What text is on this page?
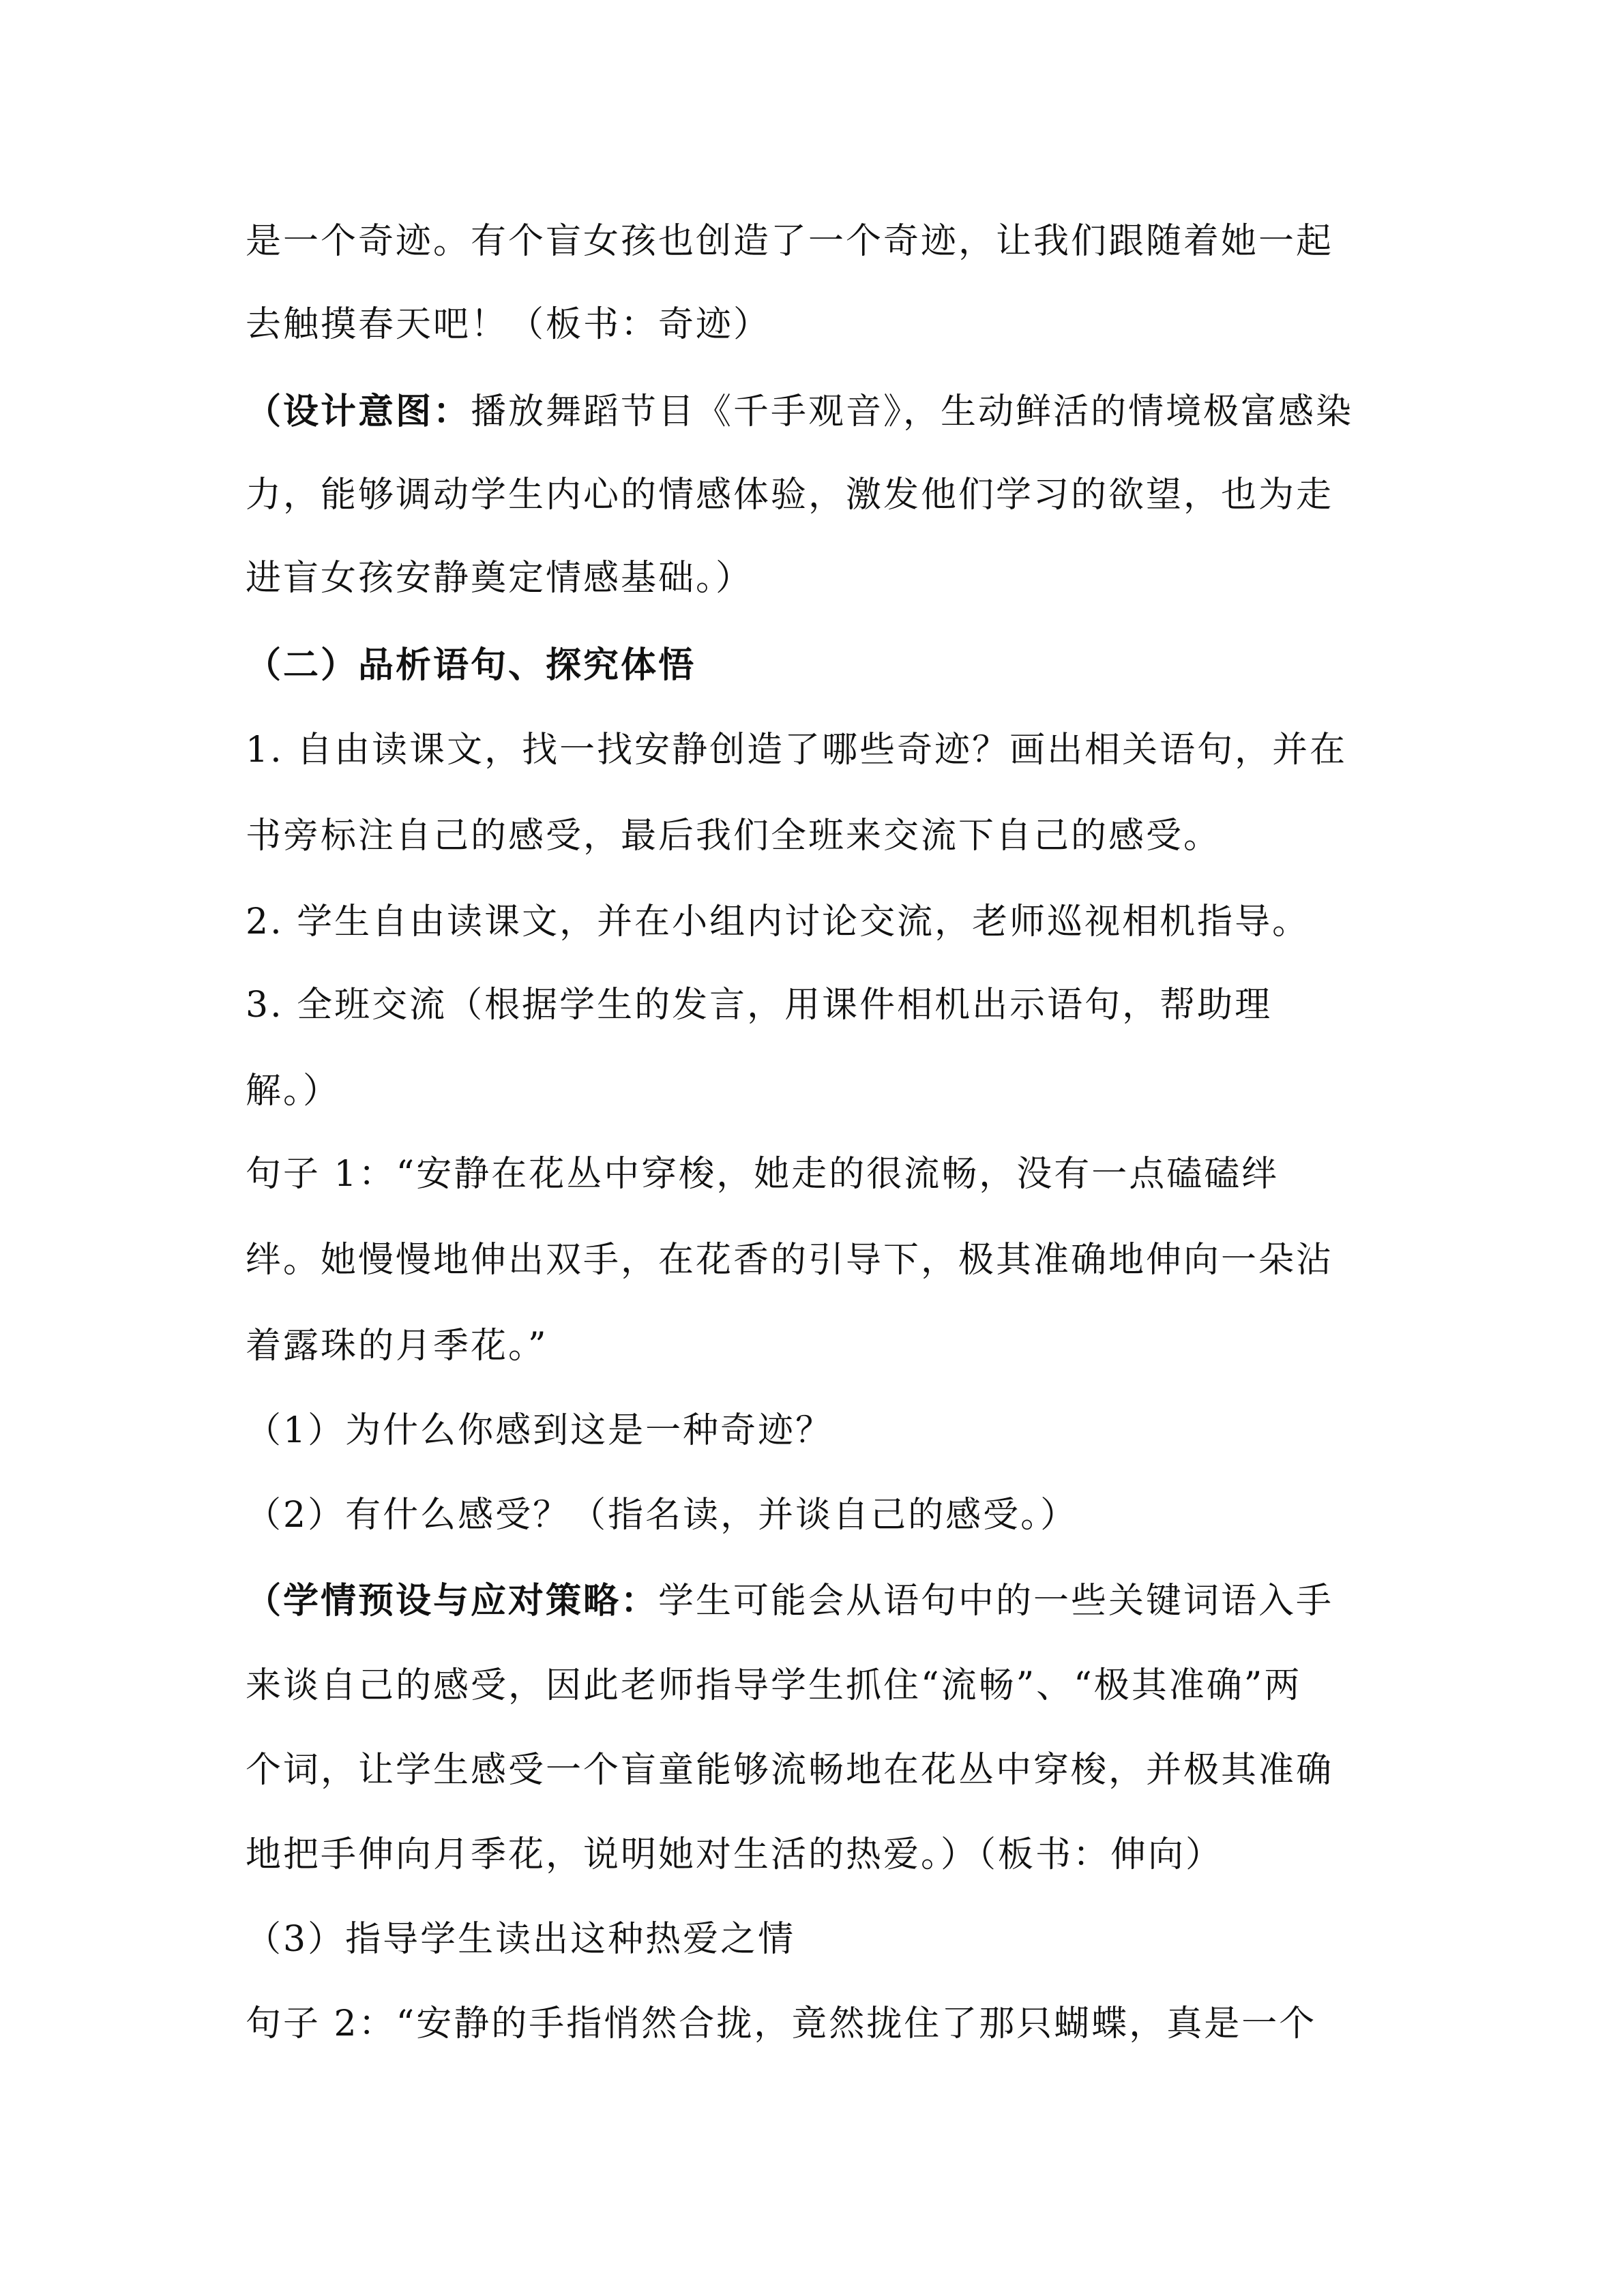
是一个奇迹。有个盲女孩也创造了一个奇迹，让我们跟随着她一起
去触摸春天吧！（板书：奇迹）
（设计意图：播放舞蹈节目《千手观音》，生动鲜活的情境极富感染
力，能够调动学生内心的情感体验，激发他们学习的欲望，也为走
进盲女孩安静奠定情感基础。）
（二）品析语句、探究体悟
1. 自由读课文，找一找安静创造了哪些奇迹？画出相关语句，并在
书旁标注自己的感受，最后我们全班来交流下自己的感受。
2. 学生自由读课文，并在小组内讨论交流，老师巡视相机指导。
3. 全班交流（根据学生的发言，用课件相机出示语句，帮助理
解。）
句子 1：“安静在花丛中穿梭，她走的很流畅，没有一点磕磕绊
绊。她慢慢地伸出双手，在花香的引导下，极其准确地伸向一朵沾
着露珠的月季花。”
（1）为什么你感到这是一种奇迹？
（2）有什么感受？（指名读，并谈自己的感受。）
（学情预设与应对策略：学生可能会从语句中的一些关键词语入手
来谈自己的感受，因此老师指导学生抓住“流畅”、“极其准确”两
个词，让学生感受一个盲童能够流畅地在花丛中穿梭，并极其准确
地把手伸向月季花，说明她对生活的热爱。）（板书：伸向）
（3）指导学生读出这种热爱之情
句子 2：“安静的手指悄然合拢，竟然拢住了那只蝴蝶，真是一个
